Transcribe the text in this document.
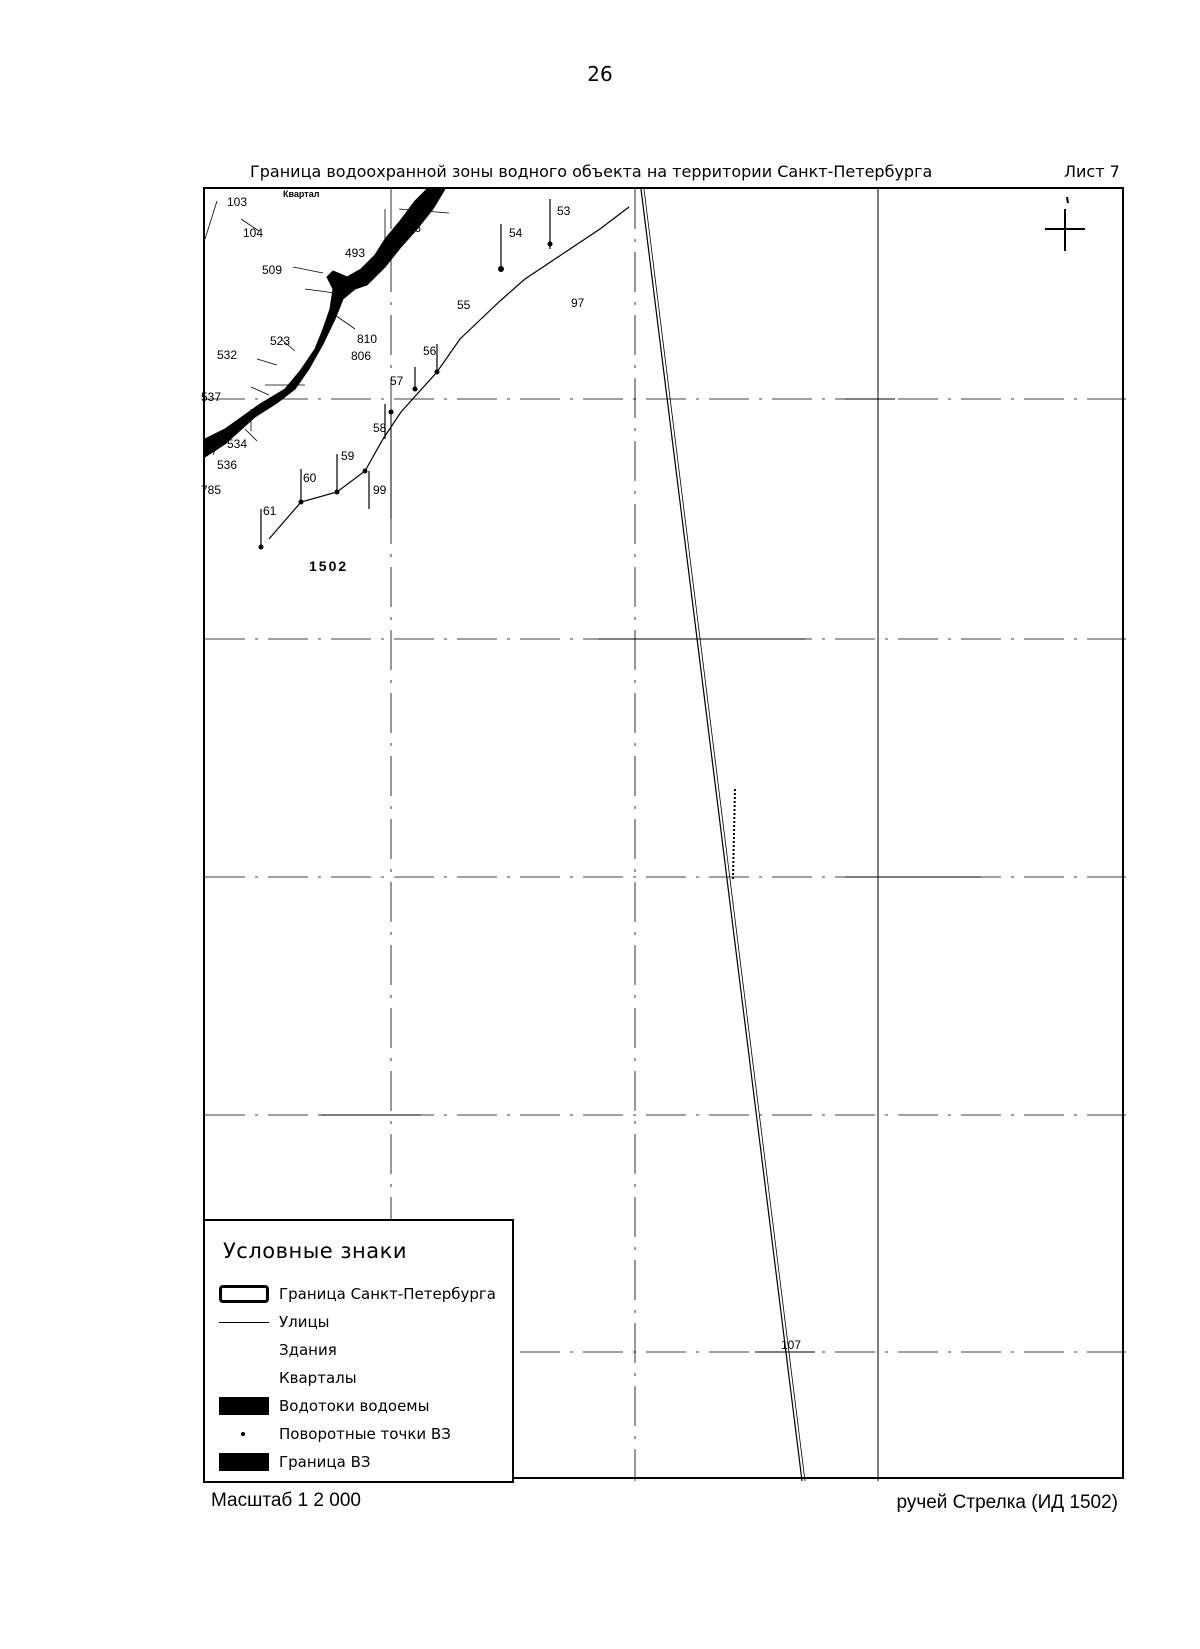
26
Граница водоохранной зоны водного объекта на территории Санкт-Петербурга	Лист 7
Квартал
103
104	486
493
509
523
532
537
534
536
785
810
806
53
54
55
56
57
58
59
60
61
97
99
107
1502
Условные знаки
Граница Санкт-Петербурга
Улицы
Здания
Кварталы
Водотоки водоемы
Поворотные точки ВЗ
Граница ВЗ
Масштаб 1 2 000	ручей Стрелка (ИД 1502)
